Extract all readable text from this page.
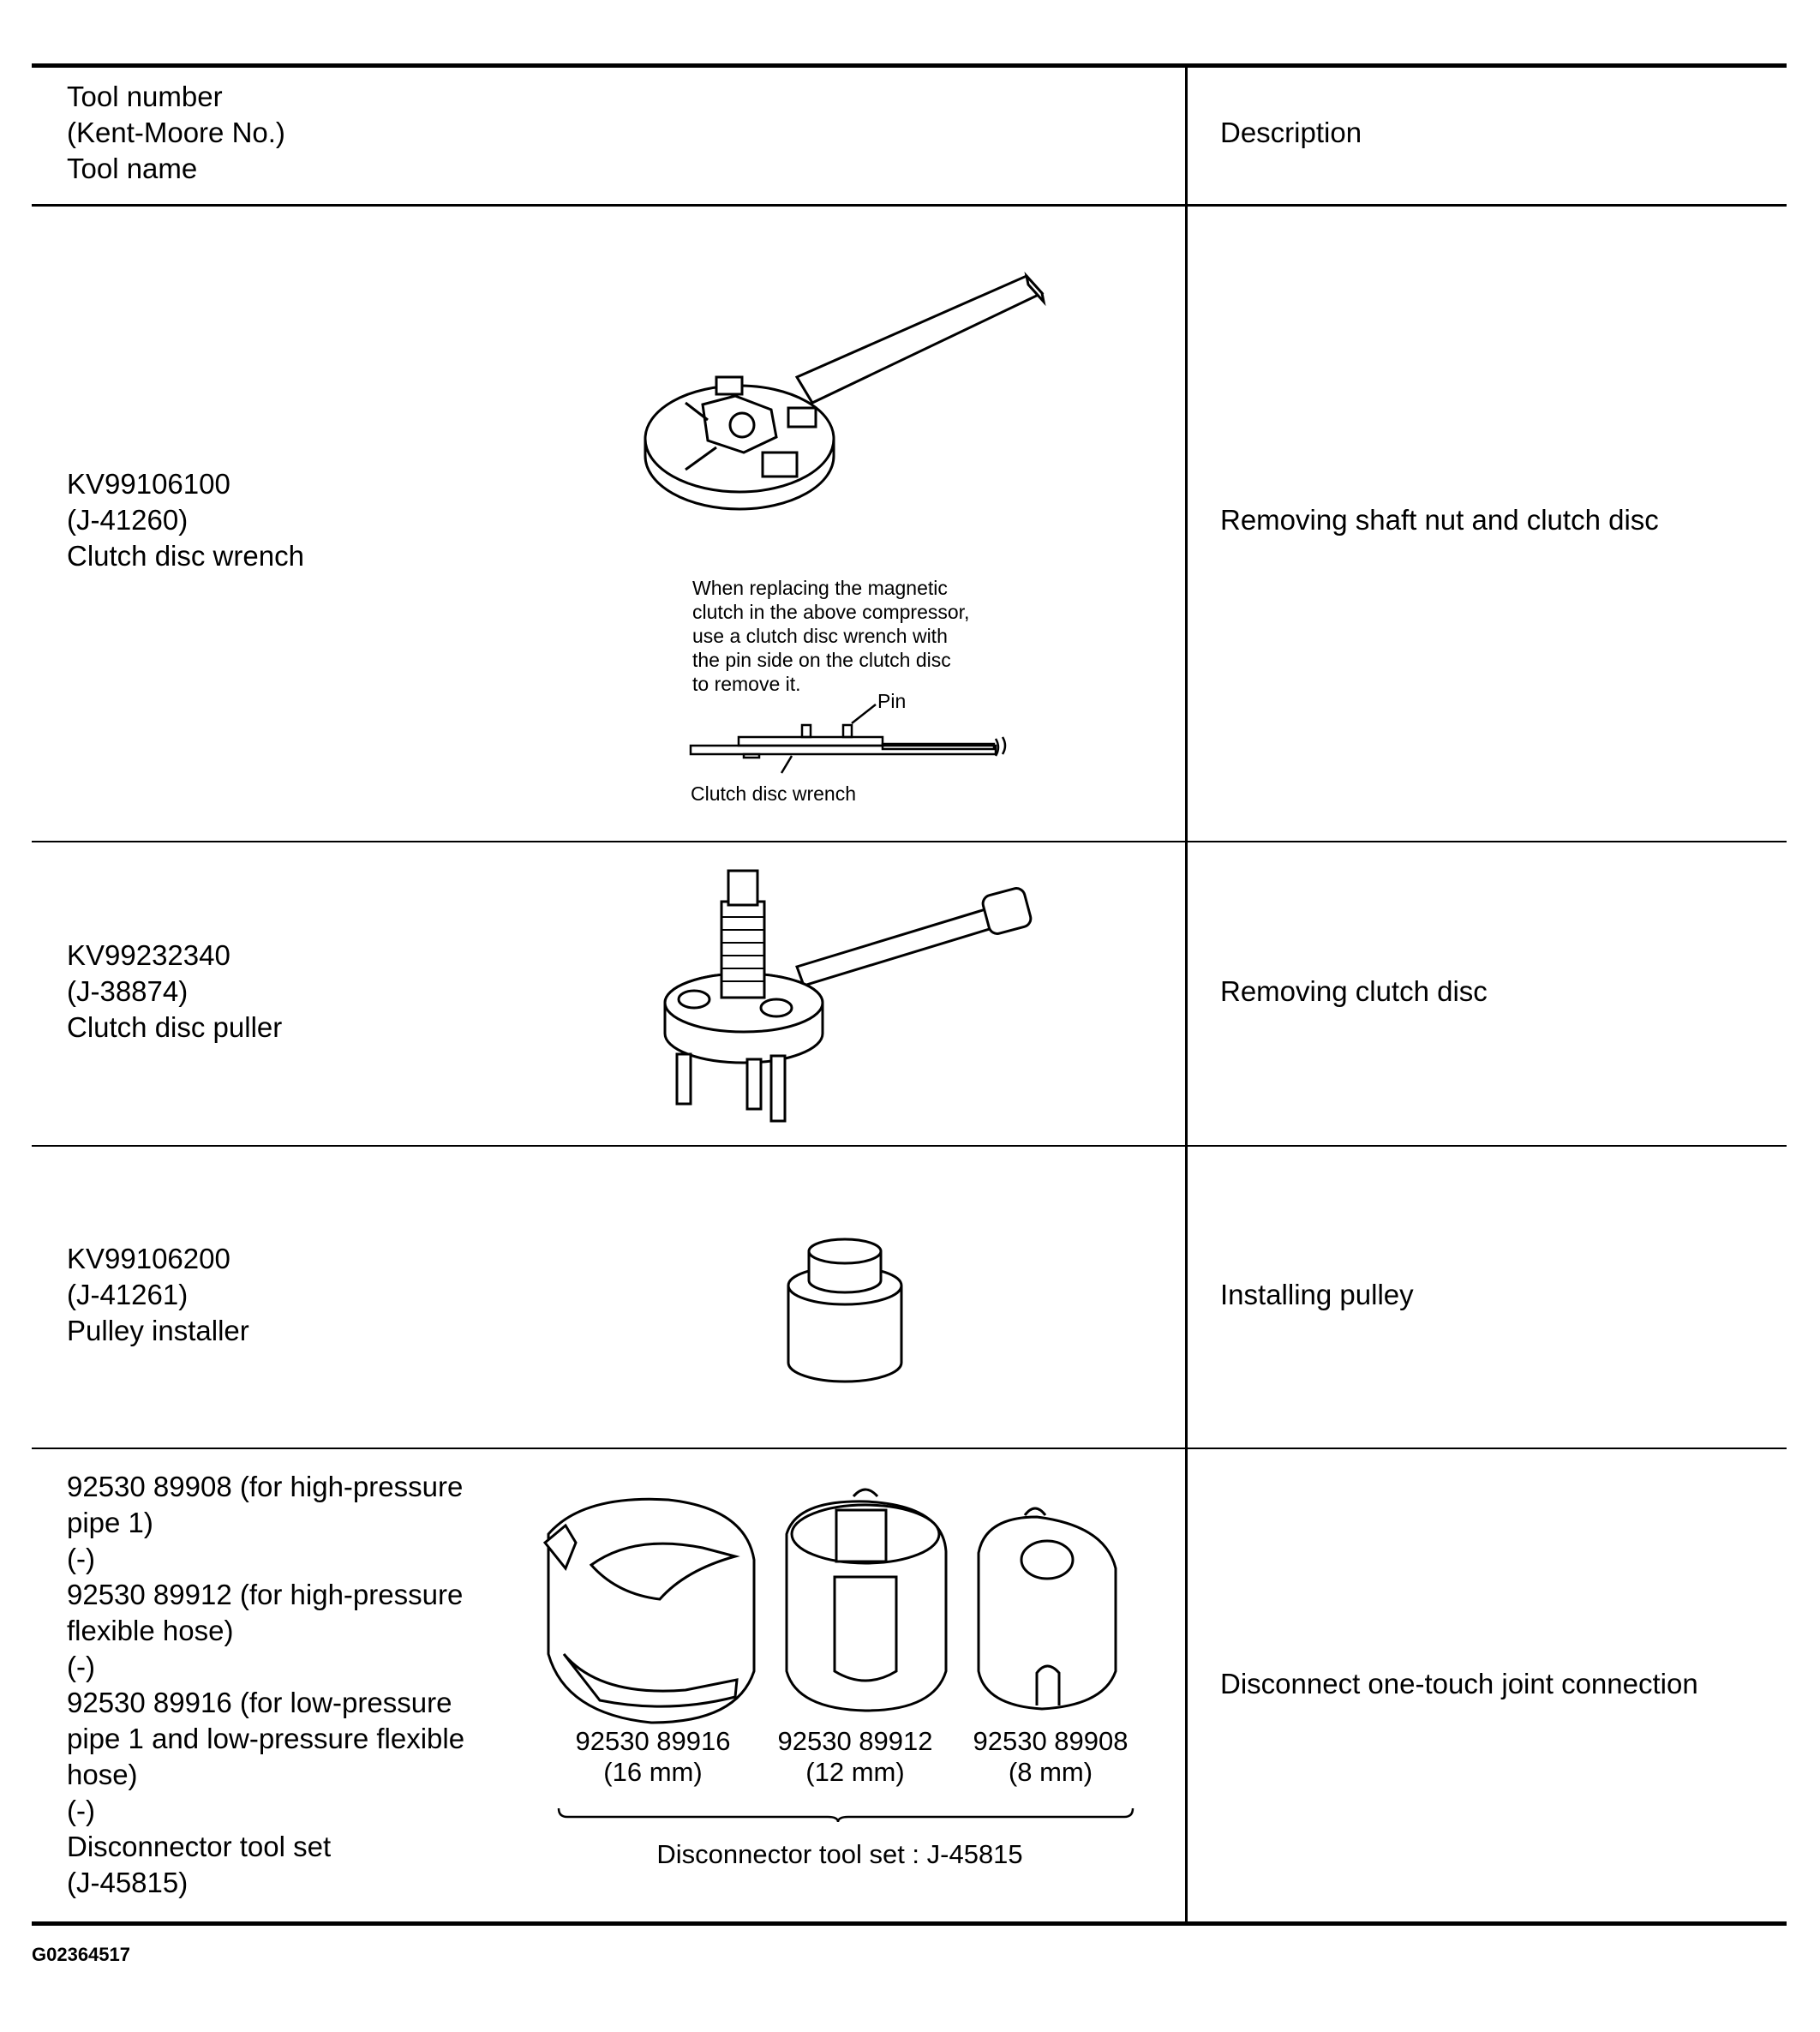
Tool number
(Kent-Moore No.)
Tool name
Description
KV99106100
(J-41260)
Clutch disc wrench
Removing shaft nut and clutch disc
When replacing the magnetic
clutch in the above compressor,
use a clutch disc wrench with
the pin side on the clutch disc
to remove it.
Pin
Clutch disc wrench
KV99232340
(J-38874)
Clutch disc puller
Removing clutch disc
KV99106200
(J-41261)
Pulley installer
Installing pulley
92530 89908 (for high-pressure
pipe 1)
(-)
92530 89912 (for high-pressure
flexible hose)
(-)
92530 89916 (for low-pressure
pipe 1 and low-pressure flexible
hose)
(-)
Disconnector tool set
(J-45815)
Disconnect one-touch joint connection
92530 89916
(16 mm)
92530 89912
(12 mm)
92530 89908
(8 mm)
Disconnector tool set : J-45815
G02364517
